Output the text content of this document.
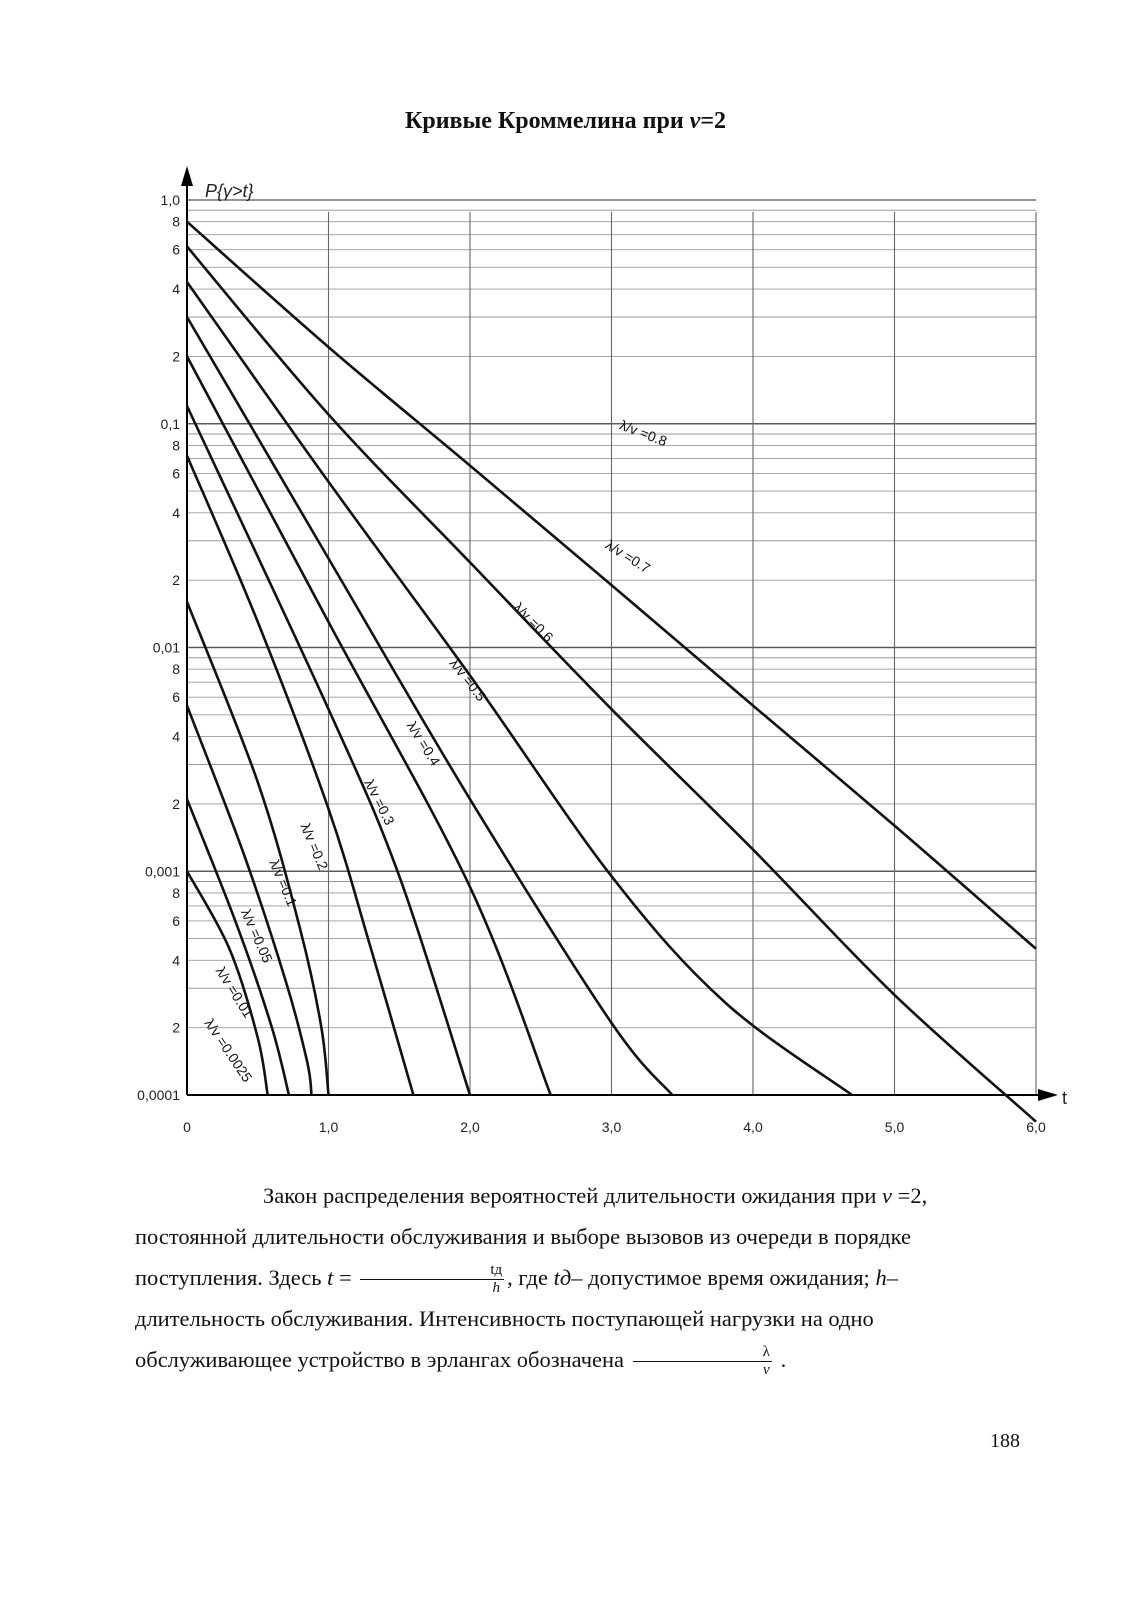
Кривые Кроммелина при v=2
P{γ>t}
t
1,0
8
6
4
2
0,1
8
6
4
2
0,01
8
6
4
2
0,001
8
6
4
2
0,0001
0	1,0	2,0	3,0	4,0	5,0	6,0
λ/v =0.8
λ/v =0.7
λ/v =0.6
λ/v =0.5
λ/v =0.4
λ/v =0.3
λ/v =0.2
λ/v =0.1
λ/v =0.05
λ/v =0.01
λ/v =0.0025

Закон распределения вероятностей длительности ожидания при v =2, постоянной длительности обслуживания и выборе вызовов из очереди в порядке поступления. Здесь $t = \frac{tд}{h}$ , где tд– допустимое время ожидания; h– длительность обслуживания. Интенсивность поступающей нагрузки на одно обслуживающее устройство в эрлангах обозначена $\frac{\lambda}{v}$ .

188
